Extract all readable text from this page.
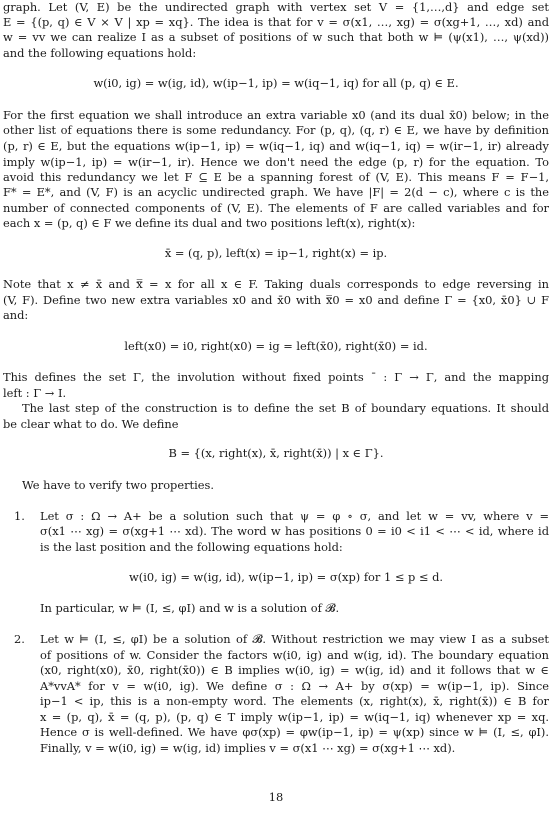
graph. Let (V, E) be the undirected graph with vertex set V = {1,…,d} and edge set
E = {(p, q) ∈ V × V | xp = xq}. The idea is that for v = σ(x1, …, xg) = σ(xg+1, …, xd) and
w = vv we can realize I as a subset of positions of w such that both w ⊨ (ψ(x1), …, ψ(xd))
and the following equations hold:
w(i0, ig) = w(ig, id), w(ip−1, ip) = w(iq−1, iq) for all (p, q) ∈ E.
For the first equation we shall introduce an extra variable x0 (and its dual x̄0) below; in the
other list of equations there is some redundancy. For (p, q), (q, r) ∈ E, we have by definition
(p, r) ∈ E, but the equations w(ip−1, ip) = w(iq−1, iq) and w(iq−1, iq) = w(ir−1, ir) already
imply w(ip−1, ip) = w(ir−1, ir). Hence we don't need the edge (p, r) for the equation. To
avoid this redundancy we let F ⊆ E be a spanning forest of (V, E). This means F = F−1,
F* = E*, and (V, F) is an acyclic undirected graph. We have |F| = 2(d − c), where c is the
number of connected components of (V, E). The elements of F are called variables and for
each x = (p, q) ∈ F we define its dual and two positions left(x), right(x):
x̄ = (q, p), left(x) = ip−1, right(x) = ip.
Note that x ≠ x̄ and x̿ = x for all x ∈ F. Taking duals corresponds to edge reversing in
(V, F). Define two new extra variables x0 and x̄0 with x̿0 = x0 and define Γ = {x0, x̄0} ∪ F
and:
left(x0) = i0, right(x0) = ig = left(x̄0), right(x̄0) = id.
This defines the set Γ, the involution without fixed points ¯ : Γ → Γ, and the mapping
left : Γ → I.
The last step of the construction is to define the set B of boundary equations. It should
be clear what to do. We define
B = {(x, right(x), x̄, right(x̄)) | x ∈ Γ}.
We have to verify two properties.
1. Let σ : Ω → A+ be a solution such that ψ = φ ∘ σ, and let w = vv, where v =
σ(x1 ⋯ xg) = σ(xg+1 ⋯ xd). The word w has positions 0 = i0 < i1 < ⋯ < id, where id
is the last position and the following equations hold:
w(i0, ig) = w(ig, id), w(ip−1, ip) = σ(xp) for 1 ≤ p ≤ d.
In particular, w ⊨ (I, ≤, φI) and w is a solution of 𝓑.
2. Let w ⊨ (I, ≤, φI) be a solution of 𝓑. Without restriction we may view I as a subset
of positions of w. Consider the factors w(i0, ig) and w(ig, id). The boundary equation
(x0, right(x0), x̄0, right(x̄0)) ∈ B implies w(i0, ig) = w(ig, id) and it follows that w ∈
A*vvA* for v = w(i0, ig). We define σ : Ω → A+ by σ(xp) = w(ip−1, ip). Since
ip−1 < ip, this is a non-empty word. The elements (x, right(x), x̄, right(x̄)) ∈ B for
x = (p, q), x̄ = (q, p), (p, q) ∈ T imply w(ip−1, ip) = w(iq−1, iq) whenever xp = xq.
Hence σ is well-defined. We have φσ(xp) = φw(ip−1, ip) = ψ(xp) since w ⊨ (I, ≤, φI).
Finally, v = w(i0, ig) = w(ig, id) implies v = σ(x1 ⋯ xg) = σ(xg+1 ⋯ xd).
18
